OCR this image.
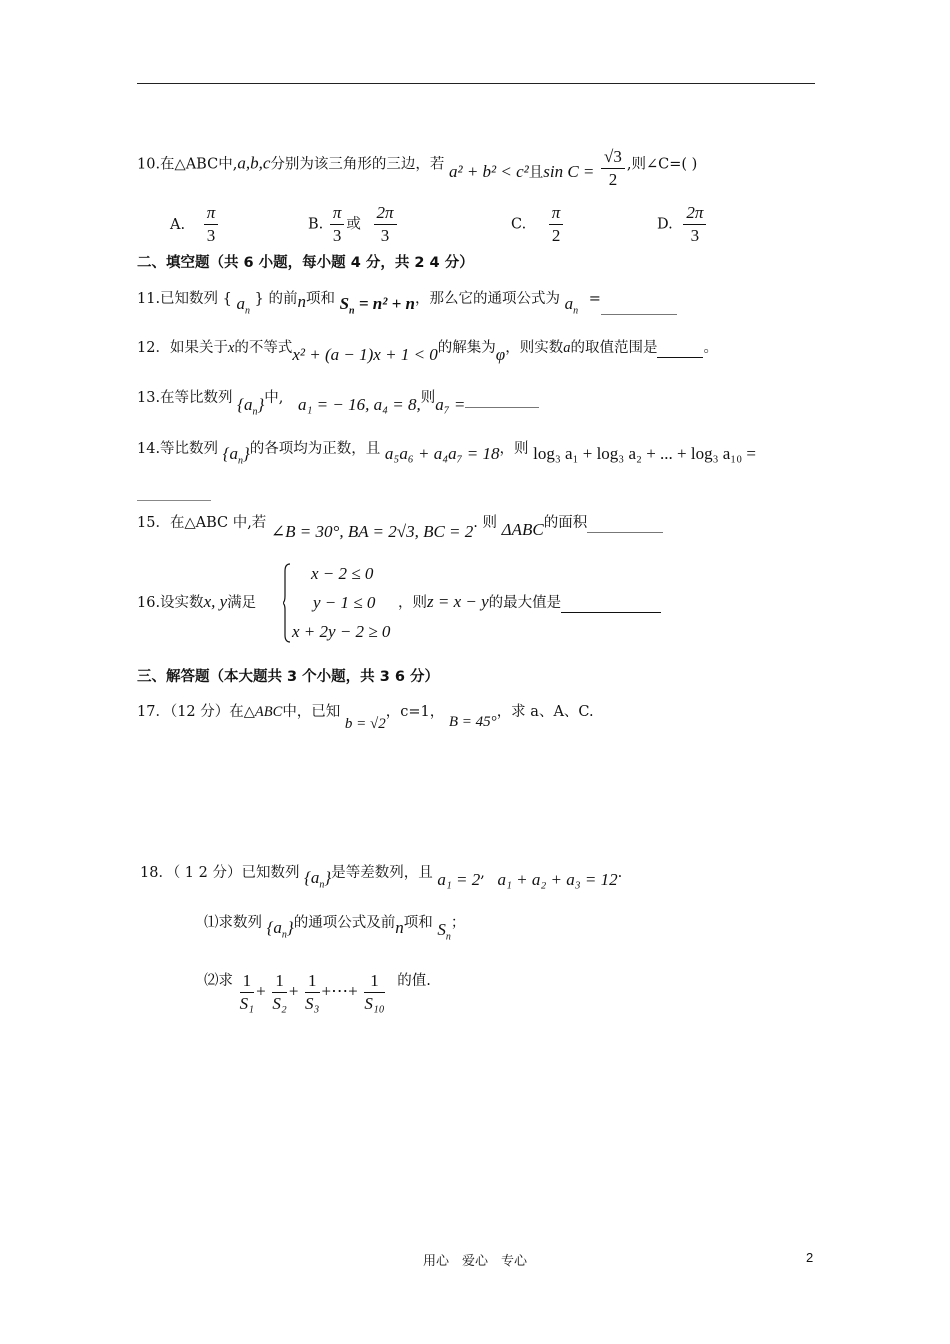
10.在△ABC中,a,b,c分别为该三角形的三边，若 a² + b² < c²且$\sin C = \frac{√3}{2}$ ,则∠C=( )
A. $\frac{\pi}{3}$	B. $\frac{\pi}{3}$ 或 $\frac{2\pi}{3}$	C. $\frac{\pi}{2}$	D. $\frac{2\pi}{3}$
二、填空题（共 6 小题，每小题 4 分，共 2 4 分）
11.已知数列 { $a_n$ } 的前n项和 $S_n = n^2 + n$，那么它的通项公式为 $a_n$ =
12．如果关于x的不等式x² + (a − 1)x + 1 < 0的解集为φ，则实数a的取值范围是	。
13.在等比数列 $\{a_n\}$中, a₁ = − 16, a₄ = 8,则a₇ =
14.等比数列 $\{a_n\}$的各项均为正数，且 a₅a₆ + a₄a₇ = 18，则 log₃ a₁ + log₃ a₂ + ... + log₃ a₁₀ =
15．在△ABC 中,若 ∠B = 30°, BA = 2√3, BC = 2. 则 ΔABC的面积
16.设实数x, y满足
x − 2 ≤ 0
y − 1 ≤ 0
x + 2y − 2 ≥ 0
，则z = x − y的最大值是
三、解答题（本大题共 3 个小题，共 3 6 分）
17．（12 分）在△ABC中，已知 b = √2，c=1， B = 45°，求 a、A、C.
18．（ 1 2 分）已知数列 $\{a_n\}$是等差数列，且 a₁ = 2, a₁ + a₂ + a₃ = 12.
⑴求数列 $\{a_n\}$的通项公式及前n项和 $S_n$；
⑵求 $\frac{1}{\text{S₁}} + \frac{1}{\text{S₂}} + \frac{1}{\text{S₃}}$ +⋯+ $\frac{1}{\text{S₁₀}}$ 的值.
用心　爱心　专心	2
